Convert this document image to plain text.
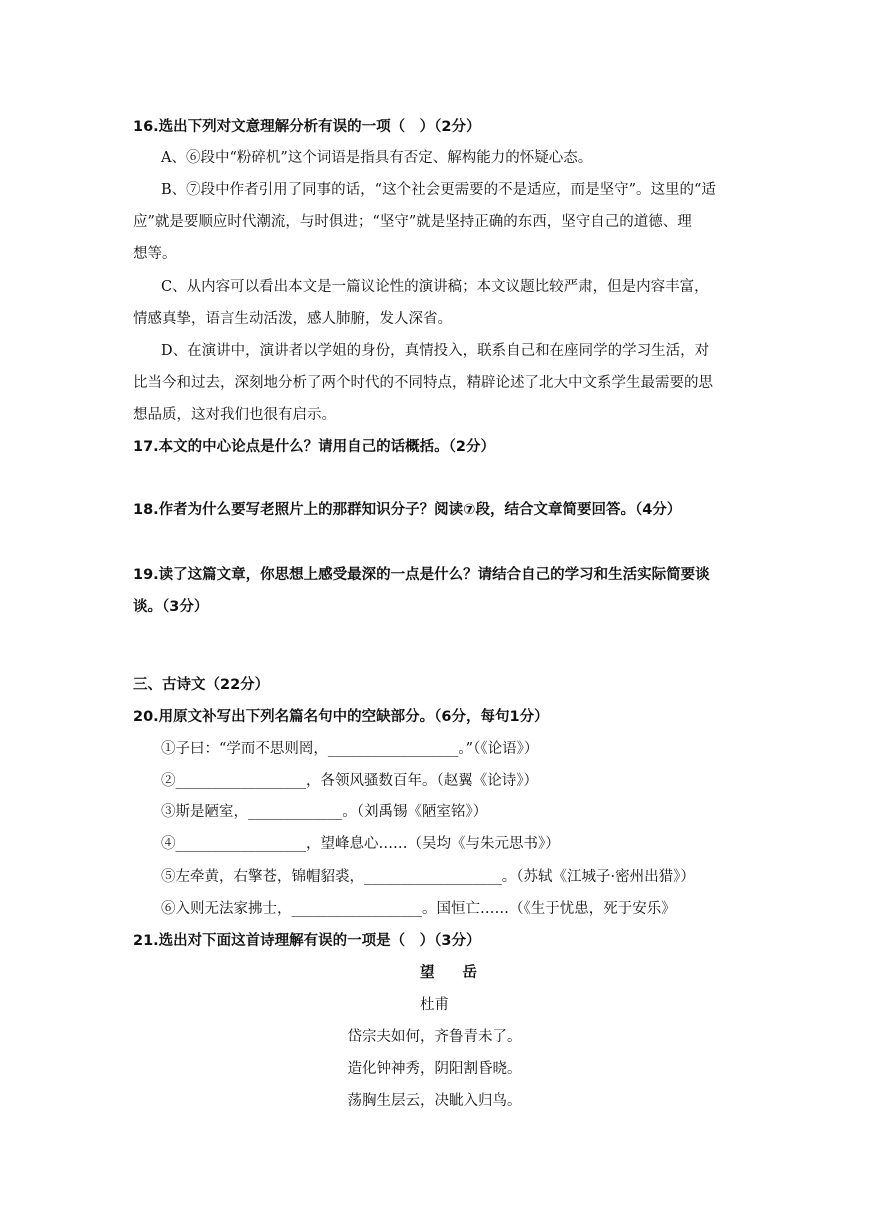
16.选出下列对文意理解分析有误的一项（　）（2分）
A、⑥段中“粉碎机”这个词语是指具有否定、解构能力的怀疑心态。
B、⑦段中作者引用了同事的话，“这个社会更需要的不是适应，而是坚守”。这里的“适
应”就是要顺应时代潮流，与时俱进；“坚守”就是坚持正确的东西，坚守自己的道德、理
想等。
C、从内容可以看出本文是一篇议论性的演讲稿；本文议题比较严肃，但是内容丰富，
情感真挚，语言生动活泼，感人肺腑，发人深省。
D、在演讲中，演讲者以学姐的身份，真情投入，联系自己和在座同学的学习生活，对
比当今和过去，深刻地分析了两个时代的不同特点，精辟论述了北大中文系学生最需要的思
想品质，这对我们也很有启示。
17.本文的中心论点是什么？请用自己的话概括。（2分）
18.作者为什么要写老照片上的那群知识分子？阅读⑦段，结合文章简要回答。（4分）
19.读了这篇文章，你思想上感受最深的一点是什么？请结合自己的学习和生活实际简要谈
谈。（3分）
三、古诗文（22分）
20.用原文补写出下列名篇名句中的空缺部分。（6分，每句1分）
①子曰：“学而不思则罔，__________________。”（《论语》）
②__________________，各领风骚数百年。（赵翼《论诗》）
③斯是陋室，_____________。（刘禹锡《陋室铭》）
④__________________，望峰息心……（吴均《与朱元思书》）
⑤左牵黄，右擎苍，锦帽貂裘，___________________。（苏轼《江城子·密州出猎》）
⑥入则无法家拂士，__________________。国恒亡……（《生于忧患，死于安乐》
21.选出对下面这首诗理解有误的一项是（　）（3分）
望岳
杜甫
岱宗夫如何，齐鲁青未了。
造化钟神秀，阴阳割昏晓。
荡胸生层云，决眦入归鸟。
